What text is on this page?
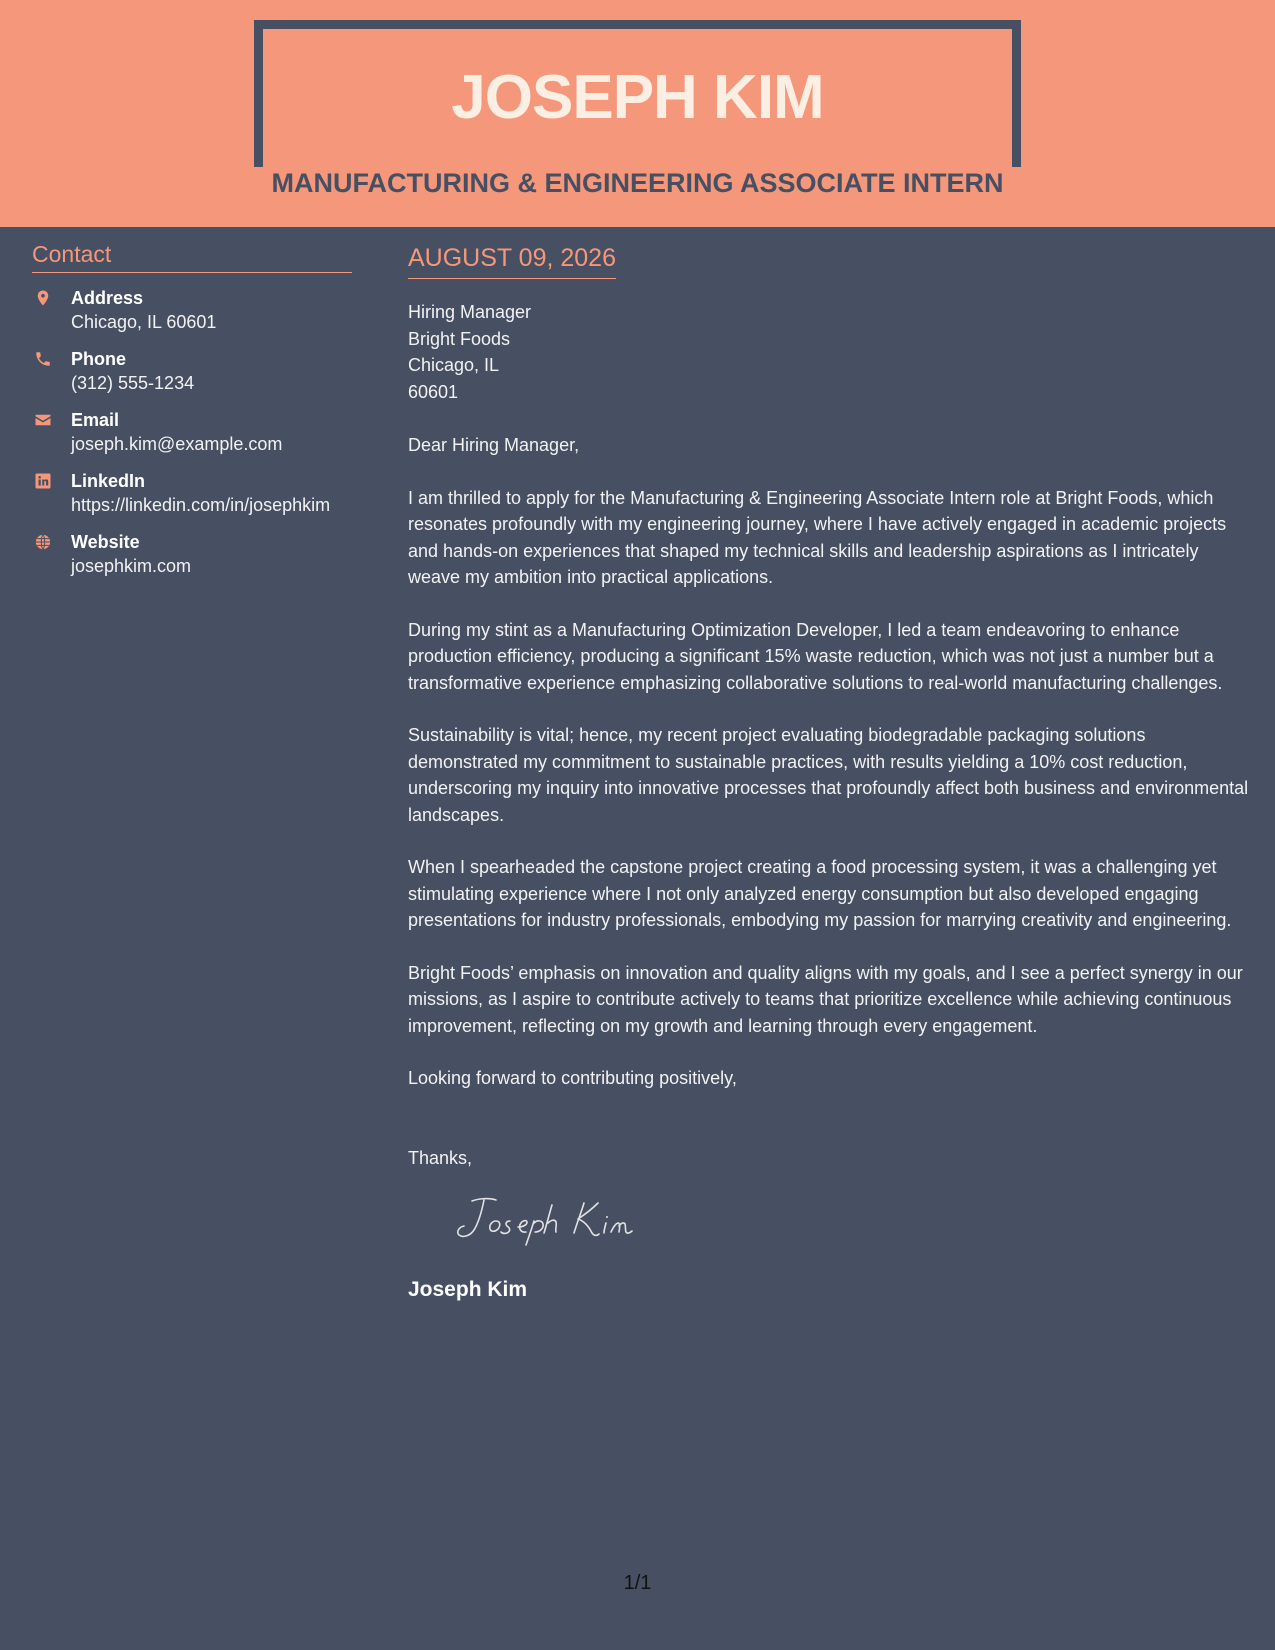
JOSEPH KIM
MANUFACTURING & ENGINEERING ASSOCIATE INTERN
Contact
Address
Chicago, IL 60601
Phone
(312) 555-1234
Email
joseph.kim@example.com
LinkedIn
https://linkedin.com/in/josephkim
Website
josephkim.com
AUGUST 09, 2026
Hiring Manager
Bright Foods
Chicago, IL
60601
Dear Hiring Manager,
I am thrilled to apply for the Manufacturing & Engineering Associate Intern role at Bright Foods, which resonates profoundly with my engineering journey, where I have actively engaged in academic projects and hands-on experiences that shaped my technical skills and leadership aspirations as I intricately weave my ambition into practical applications.
During my stint as a Manufacturing Optimization Developer, I led a team endeavoring to enhance production efficiency, producing a significant 15% waste reduction, which was not just a number but a transformative experience emphasizing collaborative solutions to real-world manufacturing challenges.
Sustainability is vital; hence, my recent project evaluating biodegradable packaging solutions demonstrated my commitment to sustainable practices, with results yielding a 10% cost reduction, underscoring my inquiry into innovative processes that profoundly affect both business and environmental landscapes.
When I spearheaded the capstone project creating a food processing system, it was a challenging yet stimulating experience where I not only analyzed energy consumption but also developed engaging presentations for industry professionals, embodying my passion for marrying creativity and engineering.
Bright Foods’ emphasis on innovation and quality aligns with my goals, and I see a perfect synergy in our missions, as I aspire to contribute actively to teams that prioritize excellence while achieving continuous improvement, reflecting on my growth and learning through every engagement.
Looking forward to contributing positively,
Thanks,
Joseph Kim
1/1
